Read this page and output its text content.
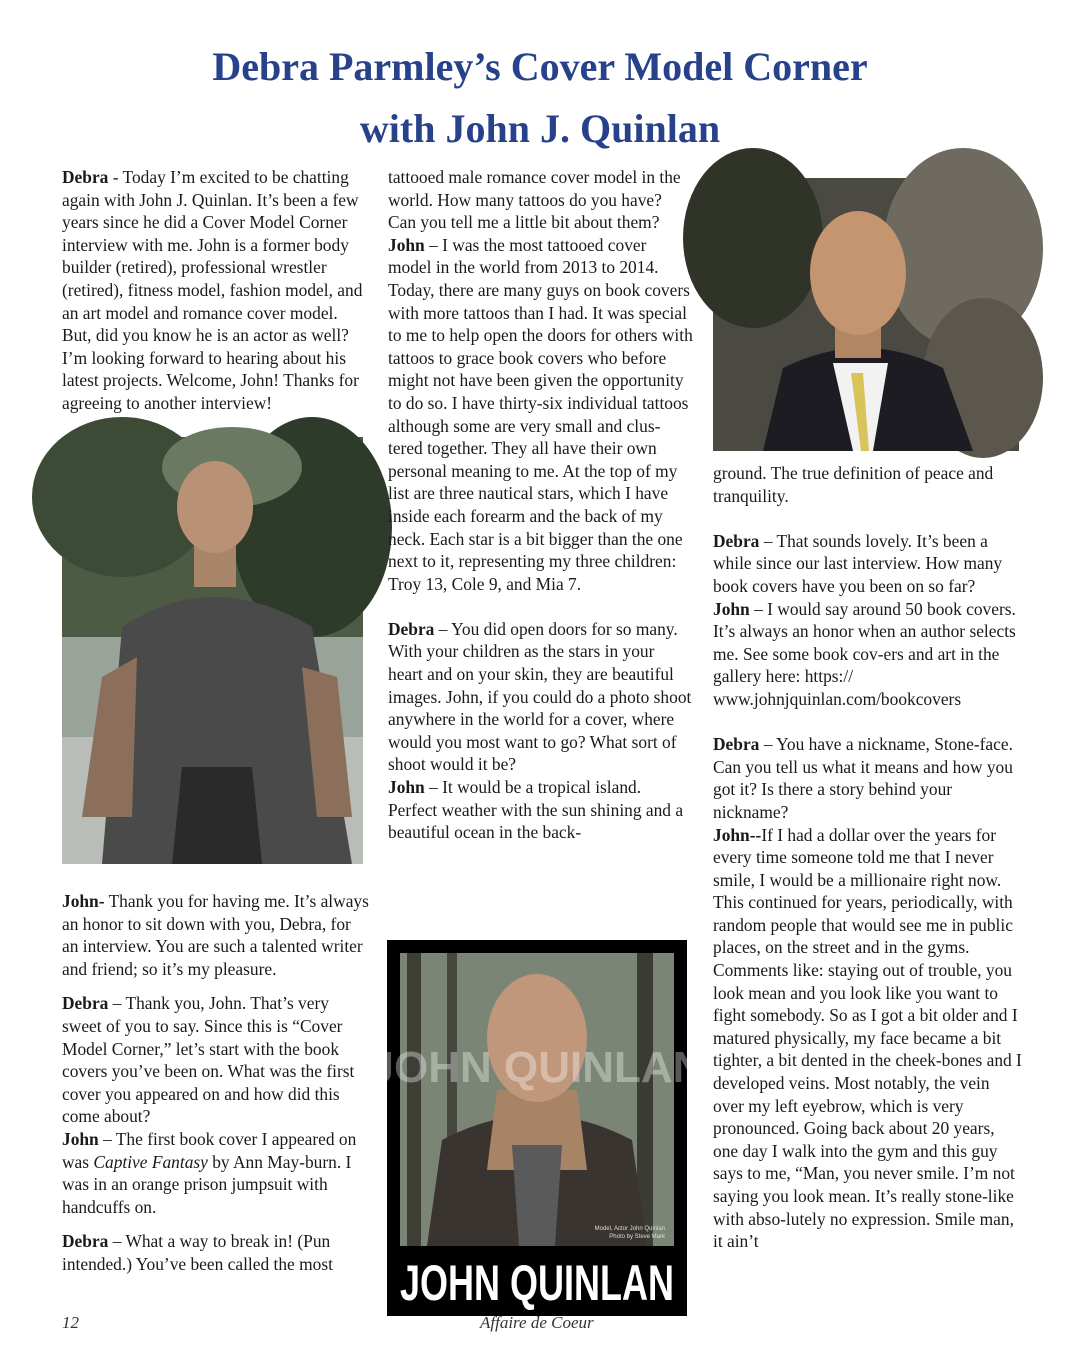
Debra Parmley’s Cover Model Corner
with John J. Quinlan

Debra - Today I’m excited to be chatting again with John J. Quinlan. It’s been a few years since he did a Cover Model Corner interview with me. John is a former body builder (retired), professional wrestler (retired), fitness model, fashion model, and an art model and romance cover model. But, did you know he is an actor as well? I’m looking forward to hearing about his latest projects. Welcome, John! Thanks for agreeing to another interview!

John- Thank you for having me. It’s always an honor to sit down with you, Debra, for an interview. You are such a talented writer and friend; so it’s my pleasure.

Debra – Thank you, John. That’s very sweet of you to say. Since this is “Cover Model Corner,” let’s start with the book covers you’ve been on. What was the first cover you appeared on and how did this come about?

John – The first book cover I appeared on was Captive Fantasy by Ann May-burn. I was in an orange prison jumpsuit with handcuffs on.

Debra – What a way to break in! (Pun intended.) You’ve been called the most

tattooed male romance cover model in the world. How many tattoos do you have? Can you tell me a little bit about them?

John – I was the most tattooed cover model in the world from 2013 to 2014. Today, there are many guys on book covers with more tattoos than I had. It was special to me to help open the doors for others with tattoos to grace book covers who before might not have been given the opportunity to do so. I have thirty-six individual tattoos although some are very small and clus-tered together. They all have their own personal meaning to me. At the top of my list are three nautical stars, which I have inside each forearm and the back of my neck. Each star is a bit bigger than the one next to it, representing my three children: Troy 13, Cole 9, and Mia 7.

Debra – You did open doors for so many. With your children as the stars in your heart and on your skin, they are beautiful images. John, if you could do a photo shoot anywhere in the world for a cover, where would you most want to go? What sort of shoot would it be?

John – It would be a tropical island. Perfect weather with the sun shining and a beautiful ocean in the back-

JOHN QUINLAN
Model, Actor John Quinlan
Photo by Steve Mark
JOHN QUINLAN

ground. The true definition of peace and tranquility.

Debra – That sounds lovely. It’s been a while since our last interview. How many book covers have you been on so far?

John – I would say around 50 book covers. It’s always an honor when an author selects me. See some book cov-ers and art in the gallery here: https:// www.johnjquinlan.com/bookcovers

Debra – You have a nickname, Stone-face. Can you tell us what it means and how you got it? Is there a story behind your nickname?

John--If I had a dollar over the years for every time someone told me that I never smile, I would be a millionaire right now. This continued for years, periodically, with random people that would see me in public places, on the street and in the gyms. Comments like: staying out of trouble, you look mean and you look like you want to fight somebody. So as I got a bit older and I matured physically, my face became a bit tighter, a bit dented in the cheek-bones and I developed veins. Most notably, the vein over my left eyebrow, which is very pronounced. Going back about 20 years, one day I walk into the gym and this guy says to me, “Man, you never smile. I’m not saying you look mean. It’s really stone-like with abso-lutely no expression. Smile man, it ain’t

12	Affaire de Coeur
